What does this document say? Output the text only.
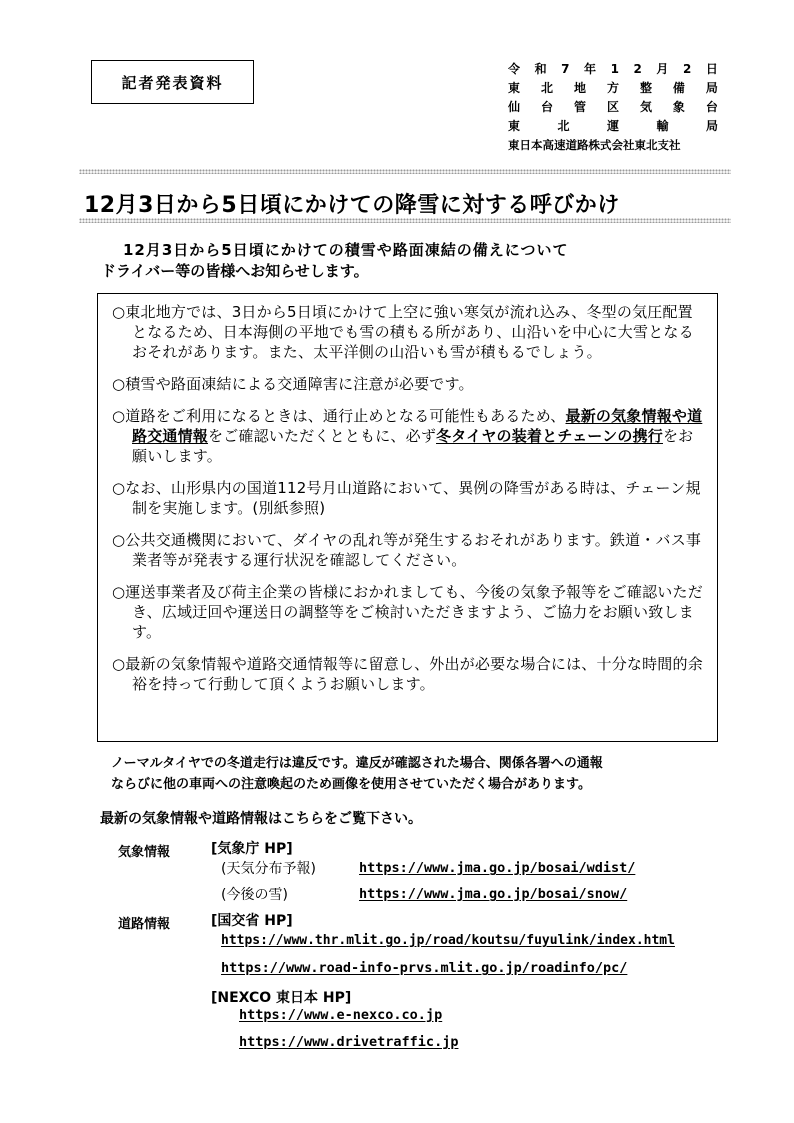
記者発表資料
令 和 7 年 1 2 月 2 日
東 北 地 方 整 備 局
仙 台 管 区 気 象 台
東	北	運	輸	局
東日本高速道路株式会社東北支社
12月3日から5日頃にかけての降雪に対する呼びかけ
12月3日から5日頃にかけての積雪や路面凍結の備えについて
ドライバー等の皆様へお知らせします。
○東北地方では、3日から5日頃にかけて上空に強い寒気が流れ込み、冬型の気圧配置となるため、日本海側の平地でも雪の積もる所があり、山沿いを中心に大雪となるおそれがあります。また、太平洋側の山沿いも雪が積もるでしょう。
○積雪や路面凍結による交通障害に注意が必要です。
○道路をご利用になるときは、通行止めとなる可能性もあるため、最新の気象情報や道路交通情報をご確認いただくとともに、必ず冬タイヤの装着とチェーンの携行をお願いします。
○なお、山形県内の国道112号月山道路において、異例の降雪がある時は、チェーン規制を実施します。(別紙参照)
○公共交通機関において、ダイヤの乱れ等が発生するおそれがあります。鉄道・バス事業者等が発表する運行状況を確認してください。
○運送事業者及び荷主企業の皆様におかれましても、今後の気象予報等をご確認いただき、広域迂回や運送日の調整等をご検討いただきますよう、ご協力をお願い致します。
○最新の気象情報や道路交通情報等に留意し、外出が必要な場合には、十分な時間的余裕を持って行動して頂くようお願いします。
ノーマルタイヤでの冬道走行は違反です。違反が確認された場合、関係各署への通報
ならびに他の車両への注意喚起のため画像を使用させていただく場合があります。
最新の気象情報や道路情報はこちらをご覧下さい。
気象情報	[気象庁 HP]
(天気分布予報)	https://www.jma.go.jp/bosai/wdist/
(今後の雪)	https://www.jma.go.jp/bosai/snow/
道路情報	[国交省 HP]
https://www.thr.mlit.go.jp/road/koutsu/fuyulink/index.html
https://www.road-info-prvs.mlit.go.jp/roadinfo/pc/
[NEXCO 東日本 HP]
https://www.e-nexco.co.jp
https://www.drivetraffic.jp
